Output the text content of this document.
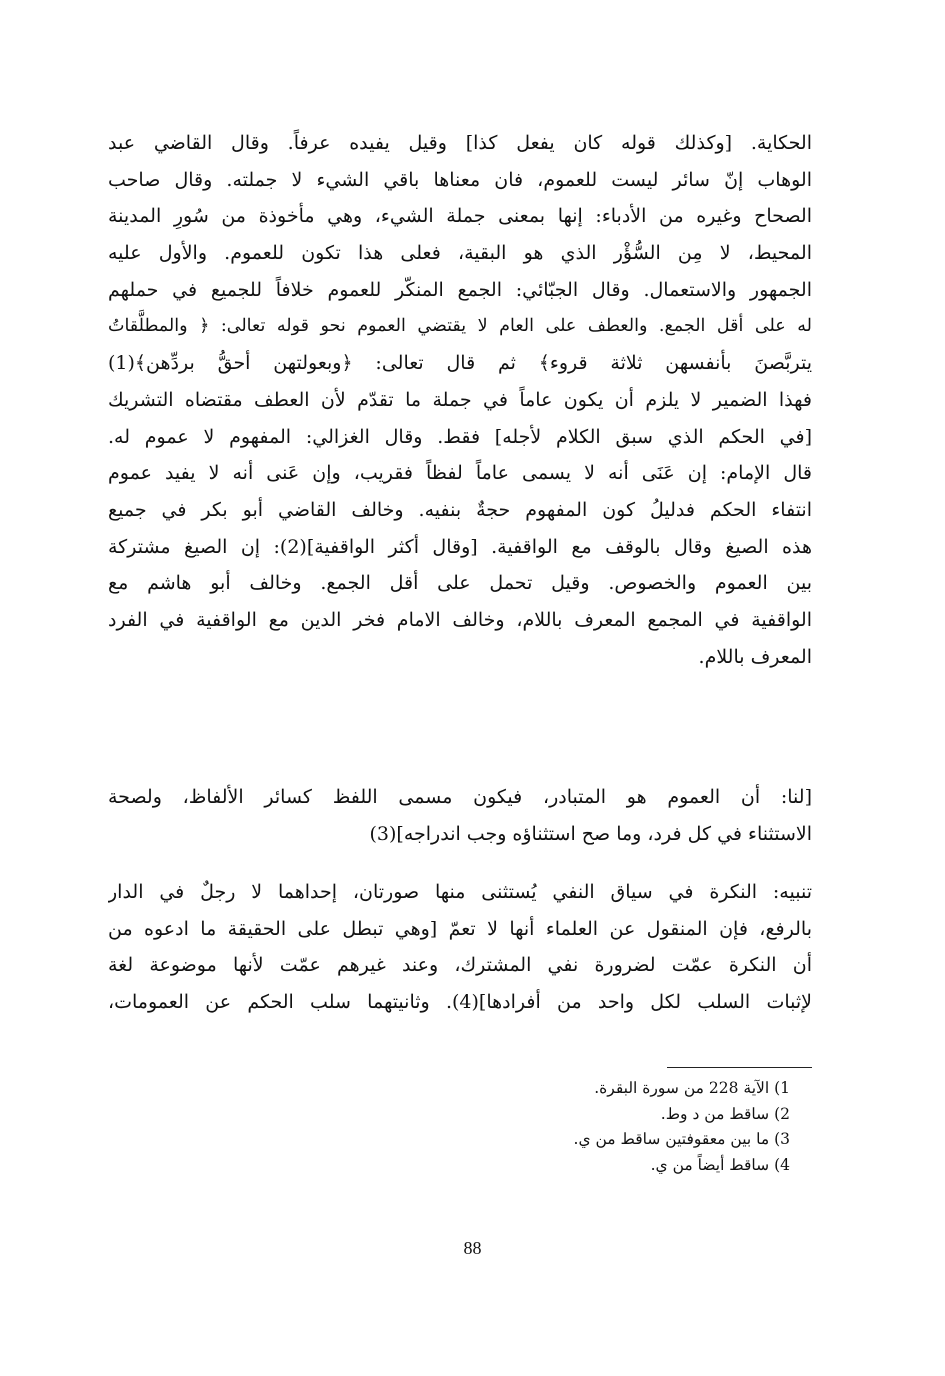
الحكاية. [وكذلك قوله كان يفعل كذا] وقيل يفيده عرفاً. وقال القاضي عبد
الوهاب إنّ سائر ليست للعموم، فان معناها باقي الشيء لا جملته. وقال صاحب
الصحاح وغيره من الأدباء: إنها بمعنى جملة الشيء، وهي مأخوذة من سُورِ المدينة
المحيط، لا مِن السُّؤْر الذي هو البقية، فعلى هذا تكون للعموم. والأول عليه
الجمهور والاستعمال. وقال الجبّائي: الجمع المنكّر للعموم خلافاً للجميع في حملهم
له على أقل الجمع. والعطف على العام لا يقتضي العموم نحو قوله تعالى: ﴿ والمطلَّقاتُ
يتربَّصنَ بأنفسهن ثلاثة قروء﴾ ثم قال تعالى: ﴿وبعولتهن أحقُّ بردِّهن﴾(1)
فهذا الضمير لا يلزم أن يكون عاماً في جملة ما تقدّم لأن العطف مقتضاه التشريك
[في الحكم الذي سبق الكلام لأجله] فقط. وقال الغزالي: المفهوم لا عموم له.
قال الإمام: إن عَنَى أنه لا يسمى عاماً لفظاً فقريب، وإن عَنى أنه لا يفيد عموم
انتفاء الحكم فدليلُ كون المفهوم حجةٌ بنفيه. وخالف القاضي أبو بكر في جميع
هذه الصيغ وقال بالوقف مع الواقفية. [وقال أكثر الواقفية](2): إن الصيغ مشتركة
بين العموم والخصوص. وقيل تحمل على أقل الجمع. وخالف أبو هاشم مع
الواقفية في المجمع المعرف باللام، وخالف الامام فخر الدين مع الواقفية في الفرد
المعرف باللام.
[لنا: أن العموم هو المتبادر، فيكون مسمى اللفظ كسائر الألفاظ، ولصحة
الاستثناء في كل فرد، وما صح استثناؤه وجب اندراجه](3)
تنبيه: النكرة في سياق النفي يُستثنى منها صورتان، إحداهما لا رجلٌ في الدار
بالرفع، فإن المنقول عن العلماء أنها لا تعمّ [وهي تبطل على الحقيقة ما ادعوه من
أن النكرة عمّت لضرورة نفي المشترك، وعند غيرهم عمّت لأنها موضوعة لغة
لإثبات السلب لكل واحد من أفرادها](4). وثانيتهما سلب الحكم عن العمومات،
1) الآية 228 من سورة البقرة.
2) ساقط من د وط.
3) ما بين معقوفتين ساقط من ي.
4) ساقط أيضاً من ي.
88
